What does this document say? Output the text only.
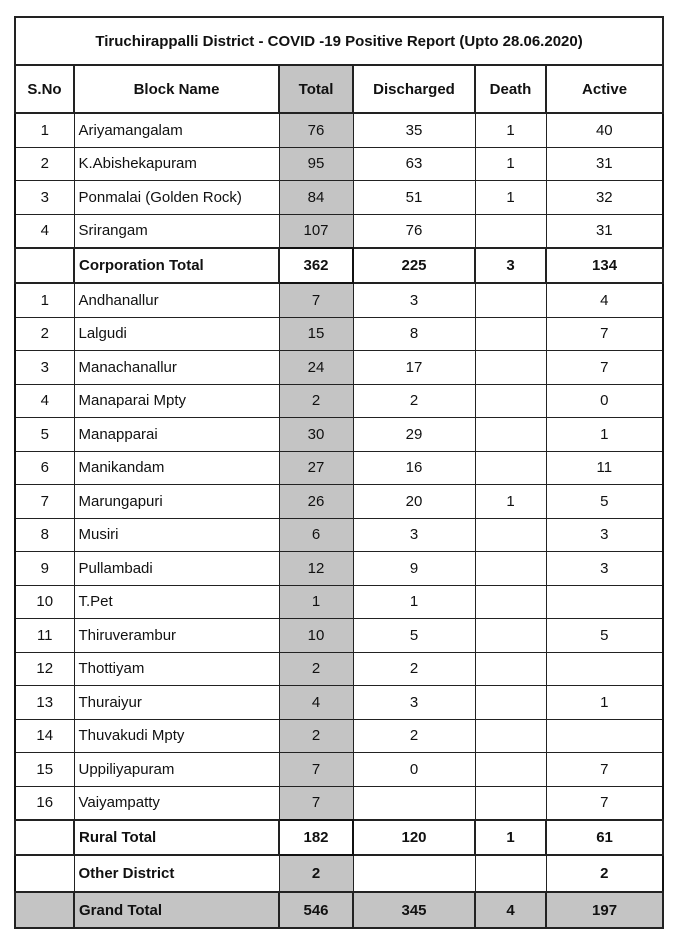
Tiruchirappalli District - COVID -19 Positive Report (Upto 28.06.2020)					
S.No	Block Name	Total	Discharged	Death	Active
1	Ariyamangalam	76	35	1	40
2	K.Abishekapuram	95	63	1	31
3	Ponmalai (Golden Rock)	84	51	1	32
4	Srirangam	107	76		31
	Corporation Total	362	225	3	134
1	Andhanallur	7	3		4
2	Lalgudi	15	8		7
3	Manachanallur	24	17		7
4	Manaparai Mpty	2	2		0
5	Manapparai	30	29		1
6	Manikandam	27	16		11
7	Marungapuri	26	20	1	5
8	Musiri	6	3		3
9	Pullambadi	12	9		3
10	T.Pet	1	1		
11	Thiruverambur	10	5		5
12	Thottiyam	2	2		
13	Thuraiyur	4	3		1
14	Thuvakudi Mpty	2	2		
15	Uppiliyapuram	7	0		7
16	Vaiyampatty	7			7
	Rural Total	182	120	1	61
	Other District	2			2
	Grand Total	546	345	4	197
